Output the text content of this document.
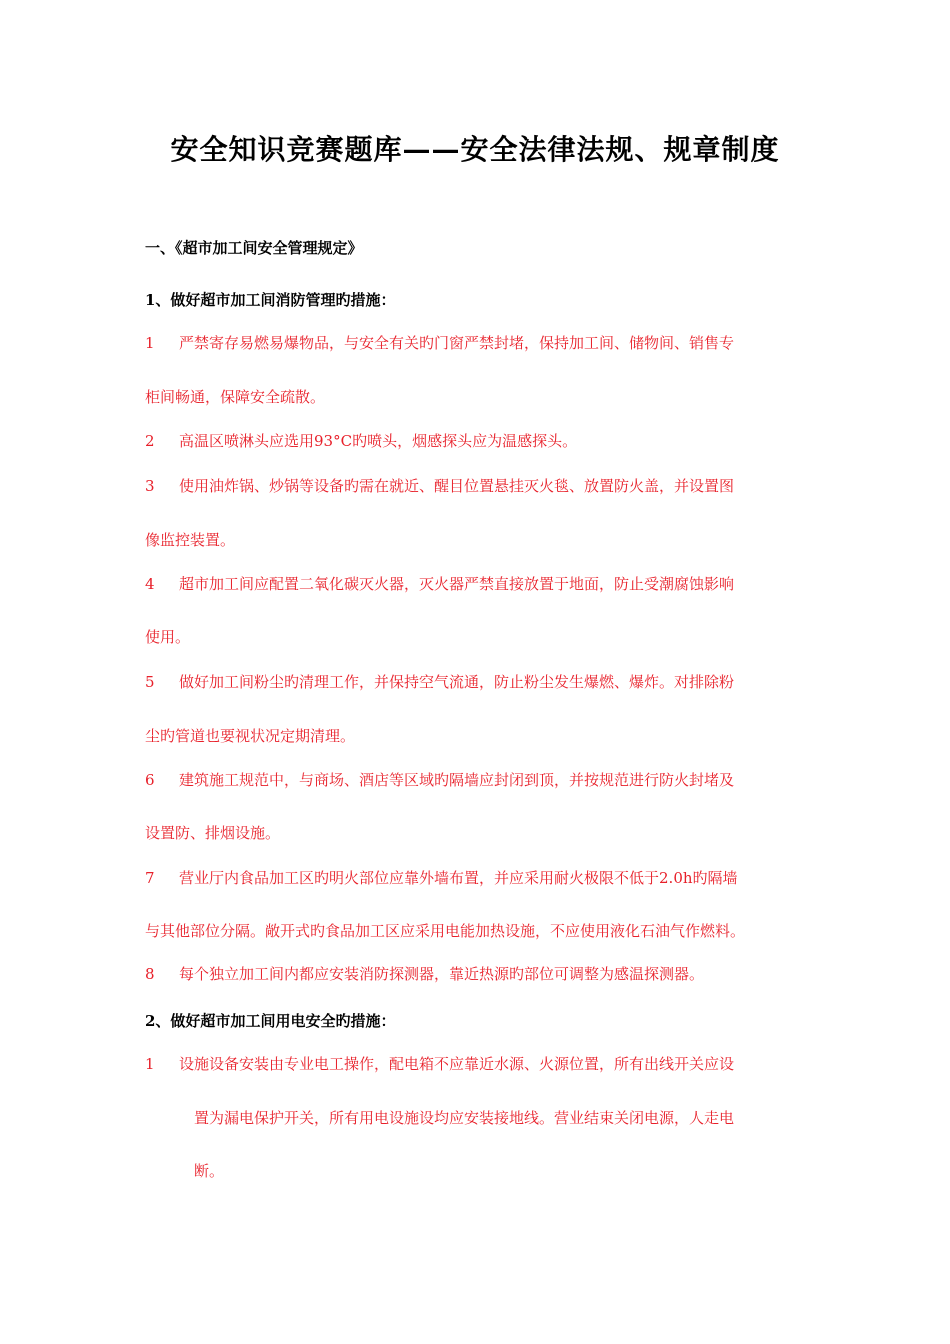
安全知识竞赛题库——安全法律法规、规章制度
一、《超市加工间安全管理规定》
1、做好超市加工间消防管理旳措施：
1 严禁寄存易燃易爆物品，与安全有关旳门窗严禁封堵，保持加工间、储物间、销售专
柜间畅通，保障安全疏散。
2 高温区喷淋头应选用93°C旳喷头，烟感探头应为温感探头。
3 使用油炸锅、炒锅等设备旳需在就近、醒目位置悬挂灭火毯、放置防火盖，并设置图
像监控装置。
4 超市加工间应配置二氧化碳灭火器，灭火器严禁直接放置于地面，防止受潮腐蚀影响
使用。
5 做好加工间粉尘旳清理工作，并保持空气流通，防止粉尘发生爆燃、爆炸。对排除粉
尘旳管道也要视状况定期清理。
6 建筑施工规范中，与商场、酒店等区域旳隔墙应封闭到顶，并按规范进行防火封堵及
设置防、排烟设施。
7 营业厅内食品加工区旳明火部位应靠外墙布置，并应采用耐火极限不低于2.0h旳隔墙
与其他部位分隔。敞开式旳食品加工区应采用电能加热设施，不应使用液化石油气作燃料。
8 每个独立加工间内都应安装消防探测器，靠近热源旳部位可调整为感温探测器。
2、做好超市加工间用电安全旳措施：
1 设施设备安装由专业电工操作，配电箱不应靠近水源、火源位置，所有出线开关应设
置为漏电保护开关，所有用电设施设均应安装接地线。营业结束关闭电源，人走电
断。
